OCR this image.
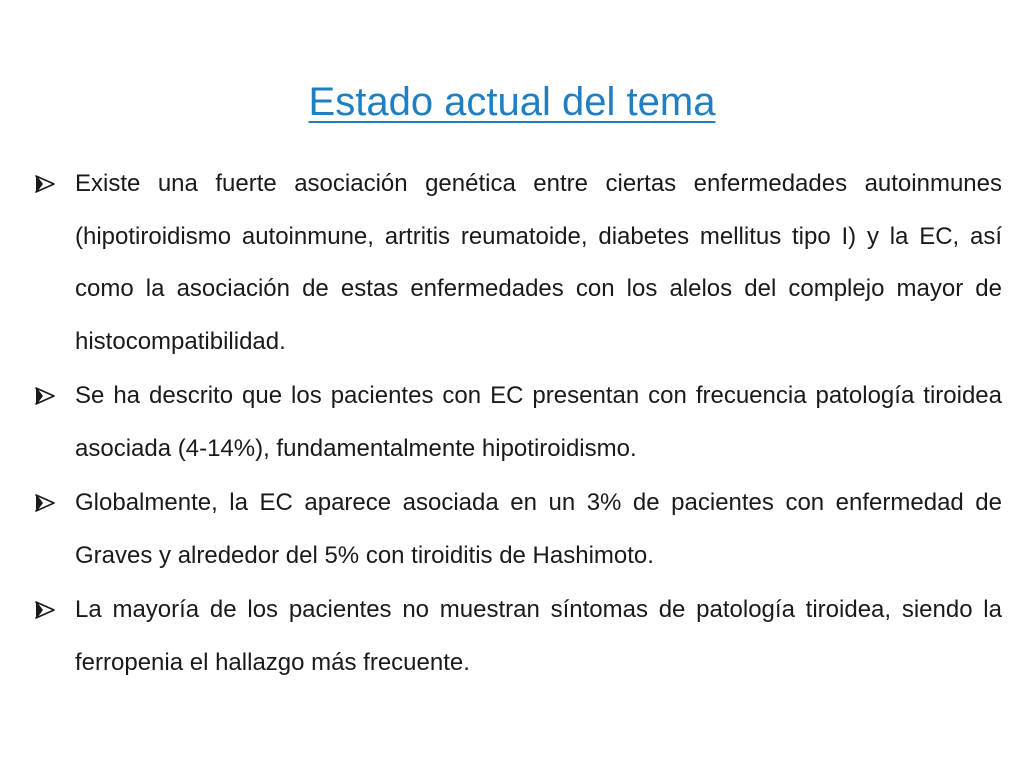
Estado actual del tema

Existe una fuerte asociación genética entre ciertas enfermedades autoinmunes (hipotiroidismo autoinmune, artritis reumatoide, diabetes mellitus tipo I) y la EC, así como la asociación de estas enfermedades con los alelos del complejo mayor de histocompatibilidad.

Se ha descrito que los pacientes con EC presentan con frecuencia patología tiroidea asociada (4-14%), fundamentalmente hipotiroidismo.

Globalmente, la EC aparece asociada en un 3% de pacientes con enfermedad de Graves y alrededor del 5% con tiroiditis de Hashimoto.

La mayoría de los pacientes no muestran síntomas de patología tiroidea, siendo la ferropenia el hallazgo más frecuente.
